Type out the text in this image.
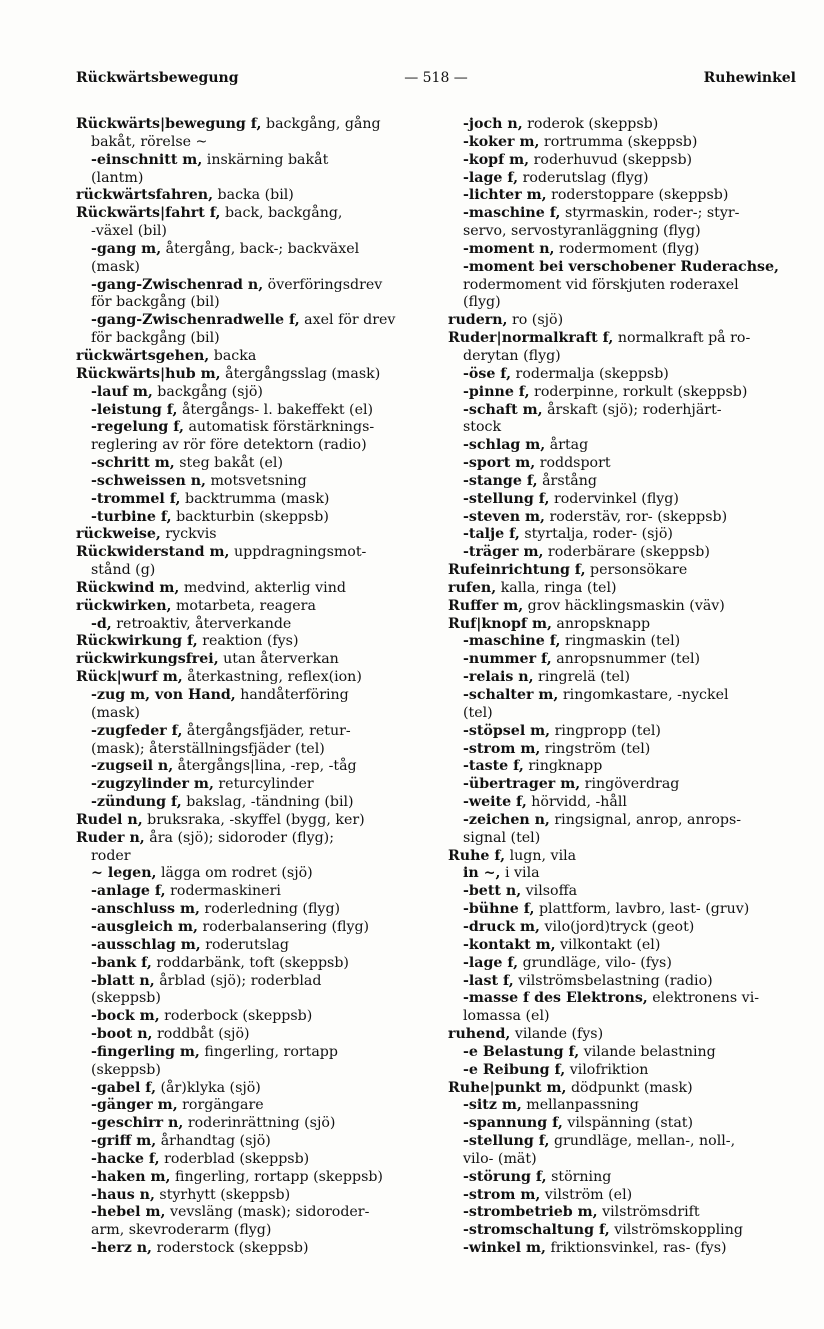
Rückwärtsbewegung	— 518 —	Ruhewinkel
Rückwärts|bewegung f, backgång, gång
bakåt, rörelse ~
-einschnitt m, inskärning bakåt
(lantm)
rückwärtsfahren, backa (bil)
Rückwärts|fahrt f, back, backgång,
-växel (bil)
-gang m, återgång, back-; backväxel
(mask)
-gang-Zwischenrad n, överföringsdrev
för backgång (bil)
-gang-Zwischenradwelle f, axel för drev
för backgång (bil)
rückwärtsgehen, backa
Rückwärts|hub m, återgångsslag (mask)
-lauf m, backgång (sjö)
-leistung f, återgångs- l. bakeffekt (el)
-regelung f, automatisk förstärknings-
reglering av rör före detektorn (radio)
-schritt m, steg bakåt (el)
-schweissen n, motsvetsning
-trommel f, backtrumma (mask)
-turbine f, backturbin (skeppsb)
rückweise, ryckvis
Rückwiderstand m, uppdragningsmot-
stånd (g)
Rückwind m, medvind, akterlig vind
rückwirken, motarbeta, reagera
-d, retroaktiv, återverkande
Rückwirkung f, reaktion (fys)
rückwirkungsfrei, utan återverkan
Rück|wurf m, återkastning, reflex(ion)
-zug m, von Hand, handåterföring
(mask)
-zugfeder f, återgångsfjäder, retur-
(mask); återställningsfjäder (tel)
-zugseil n, återgångs|lina, -rep, -tåg
-zugzylinder m, returcylinder
-zündung f, bakslag, -tändning (bil)
Rudel n, bruksraka, -skyffel (bygg, ker)
Ruder n, åra (sjö); sidoroder (flyg);
roder
~ legen, lägga om rodret (sjö)
-anlage f, rodermaskineri
-anschluss m, roderledning (flyg)
-ausgleich m, roderbalansering (flyg)
-ausschlag m, roderutslag
-bank f, roddarbänk, toft (skeppsb)
-blatt n, årblad (sjö); roderblad
(skeppsb)
-bock m, roderbock (skeppsb)
-boot n, roddbåt (sjö)
-fingerling m, fingerling, rortapp
(skeppsb)
-gabel f, (år)klyka (sjö)
-gänger m, rorgängare
-geschirr n, roderinrättning (sjö)
-griff m, århandtag (sjö)
-hacke f, roderblad (skeppsb)
-haken m, fingerling, rortapp (skeppsb)
-haus n, styrhytt (skeppsb)
-hebel m, vevsläng (mask); sidoroder-
arm, skevroderarm (flyg)
-herz n, roderstock (skeppsb)
-joch n, roderok (skeppsb)
-koker m, rortrumma (skeppsb)
-kopf m, roderhuvud (skeppsb)
-lage f, roderutslag (flyg)
-lichter m, roderstoppare (skeppsb)
-maschine f, styrmaskin, roder-; styr-
servo, servostyranläggning (flyg)
-moment n, rodermoment (flyg)
-moment bei verschobener Ruderachse,
rodermoment vid förskjuten roderaxel
(flyg)
rudern, ro (sjö)
Ruder|normalkraft f, normalkraft på ro-
derytan (flyg)
-öse f, rodermalja (skeppsb)
-pinne f, roderpinne, rorkult (skeppsb)
-schaft m, årskaft (sjö); roderhjärt-
stock
-schlag m, årtag
-sport m, roddsport
-stange f, årstång
-stellung f, rodervinkel (flyg)
-steven m, roderstäv, ror- (skeppsb)
-talje f, styrtalja, roder- (sjö)
-träger m, roderbärare (skeppsb)
Rufeinrichtung f, personsökare
rufen, kalla, ringa (tel)
Ruffer m, grov häcklingsmaskin (väv)
Ruf|knopf m, anropsknapp
-maschine f, ringmaskin (tel)
-nummer f, anropsnummer (tel)
-relais n, ringrelä (tel)
-schalter m, ringomkastare, -nyckel
(tel)
-stöpsel m, ringpropp (tel)
-strom m, ringström (tel)
-taste f, ringknapp
-übertrager m, ringöverdrag
-weite f, hörvidd, -håll
-zeichen n, ringsignal, anrop, anrops-
signal (tel)
Ruhe f, lugn, vila
in ~, i vila
-bett n, vilsoffa
-bühne f, plattform, lavbro, last- (gruv)
-druck m, vilo(jord)tryck (geot)
-kontakt m, vilkontakt (el)
-lage f, grundläge, vilo- (fys)
-last f, vilströmsbelastning (radio)
-masse f des Elektrons, elektronens vi-
lomassa (el)
ruhend, vilande (fys)
-e Belastung f, vilande belastning
-e Reibung f, vilofriktion
Ruhe|punkt m, dödpunkt (mask)
-sitz m, mellanpassning
-spannung f, vilspänning (stat)
-stellung f, grundläge, mellan-, noll-,
vilo- (mät)
-störung f, störning
-strom m, vilström (el)
-strombetrieb m, vilströmsdrift
-stromschaltung f, vilströmskoppling
-winkel m, friktionsvinkel, ras- (fys)
